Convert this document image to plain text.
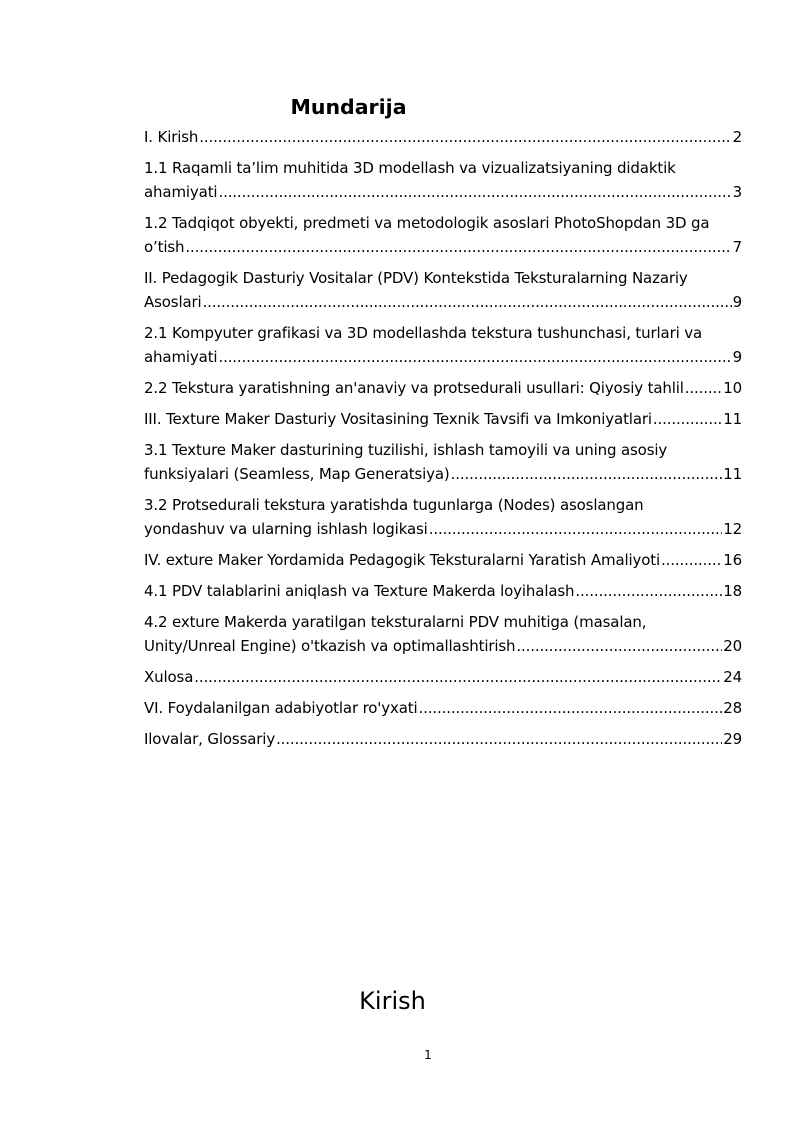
Mundarija
I. Kirish .....	2
1.1 Raqamli ta’lim muhitida 3D modellash va vizualizatsiyaning didaktik
ahamiyati .....	3
1.2 Tadqiqot obyekti, predmeti va metodologik asoslari PhotoShopdan 3D ga
o’tish .....	7
II. Pedagogik Dasturiy Vositalar (PDV) Kontekstida Teksturalarning Nazariy
Asoslari .....	9
2.1 Kompyuter grafikasi va 3D modellashda tekstura tushunchasi, turlari va
ahamiyati .....	9
2.2 Tekstura yaratishning an'anaviy va protsedurali usullari: Qiyosiy tahlil .....	10
III. Texture Maker Dasturiy Vositasining Texnik Tavsifi va Imkoniyatlari .....	11
3.1 Texture Maker dasturining tuzilishi, ishlash tamoyili va uning asosiy
funksiyalari (Seamless, Map Generatsiya) .....	11
3.2 Protsedurali tekstura yaratishda tugunlarga (Nodes) asoslangan
yondashuv va ularning ishlash logikasi .....	12
IV. exture Maker Yordamida Pedagogik Teksturalarni Yaratish Amaliyoti .....	16
4.1 PDV talablarini aniqlash va Texture Makerda loyihalash .....	18
4.2 exture Makerda yaratilgan teksturalarni PDV muhitiga (masalan,
Unity/Unreal Engine) o'tkazish va optimallashtirish .....	20
Xulosa .....	24
VI. Foydalanilgan adabiyotlar ro'yxati .....	28
Ilovalar, Glossariy .....	29
Kirish
1
